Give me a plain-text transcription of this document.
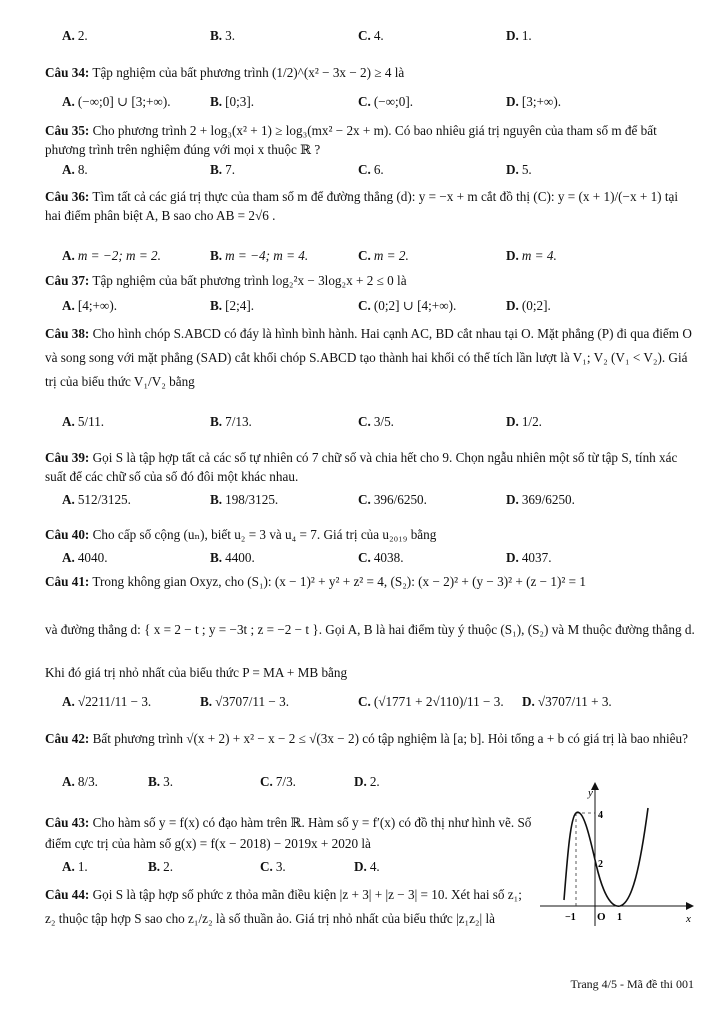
A. 2.	B. 3.	C. 4.	D. 1.
Câu 34: Tập nghiệm của bất phương trình (1/2)^(x² − 3x − 2) ≥ 4 là
A. (−∞;0] ∪ [3;+∞).	B. [0;3].	C. (−∞;0].	D. [3;+∞).
Câu 35: Cho phương trình 2 + log₃(x² + 1) ≥ log₃(mx² − 2x + m). Có bao nhiêu giá trị nguyên của tham số m để bất phương trình trên nghiệm đúng với mọi x thuộc ℝ ?
A. 8.	B. 7.	C. 6.	D. 5.
Câu 36: Tìm tất cả các giá trị thực của tham số m để đường thẳng (d): y = −x + m cắt đồ thị (C): y = (x + 1)/(−x + 1) tại hai điểm phân biệt A, B sao cho AB = 2√6 .
A. m = −2; m = 2.	B. m = −4; m = 4.	C. m = 2.	D. m = 4.
Câu 37: Tập nghiệm của bất phương trình log₂²x − 3log₂x + 2 ≤ 0 là
A. [4;+∞).	B. [2;4].	C. (0;2] ∪ [4;+∞).	D. (0;2].
Câu 38: Cho hình chóp S.ABCD có đáy là hình bình hành. Hai cạnh AC, BD cắt nhau tại O. Mặt phẳng (P) đi qua điểm O và song song với mặt phẳng (SAD) cắt khối chóp S.ABCD tạo thành hai khối có thể tích lần lượt là V₁; V₂ (V₁ < V₂). Giá trị của biểu thức V₁/V₂ bằng
A. 5/11.	B. 7/13.	C. 3/5.	D. 1/2.
Câu 39: Gọi S là tập hợp tất cả các số tự nhiên có 7 chữ số và chia hết cho 9. Chọn ngẫu nhiên một số từ tập S, tính xác suất để các chữ số của số đó đôi một khác nhau.
A. 512/3125.	B. 198/3125.	C. 396/6250.	D. 369/6250.
Câu 40: Cho cấp số cộng (uₙ), biết u₂ = 3 và u₄ = 7. Giá trị của u₂₀₁₉ bằng
A. 4040.	B. 4400.	C. 4038.	D. 4037.
Câu 41: Trong không gian Oxyz, cho (S₁): (x − 1)² + y² + z² = 4, (S₂): (x − 2)² + (y − 3)² + (z − 1)² = 1
và đường thẳng d: { x = 2 − t ; y = −3t ; z = −2 − t }. Gọi A, B là hai điểm tùy ý thuộc (S₁), (S₂) và M thuộc đường thẳng d.
Khi đó giá trị nhỏ nhất của biểu thức P = MA + MB bằng
A. √2211/11 − 3.	B. √3707/11 − 3.	C. (√1771 + 2√110)/11 − 3. D. √3707/11 + 3.
Câu 42: Bất phương trình √(x + 2) + x² − x − 2 ≤ √(3x − 2) có tập nghiệm là [a; b]. Hỏi tổng a + b có giá trị là bao nhiêu?
A. 8/3.	B. 3.	C. 7/3.	D. 2.
Câu 43: Cho hàm số y = f(x) có đạo hàm trên ℝ. Hàm số y = f′(x) có đồ thị như hình vẽ. Số điểm cực trị của hàm số g(x) = f(x − 2018) − 2019x + 2020 là
A. 1.	B. 2.	C. 3.	D. 4.
Câu 44: Gọi S là tập hợp số phức z thỏa mãn điều kiện |z + 3| + |z − 3| = 10. Xét hai số z₁; z₂ thuộc tập hợp S sao cho z₁/z₂ là số thuần ảo. Giá trị nhỏ nhất của biểu thức |z₁z₂| là
y
x
O
−1	1
2
4
Trang 4/5 - Mã đề thi 001
